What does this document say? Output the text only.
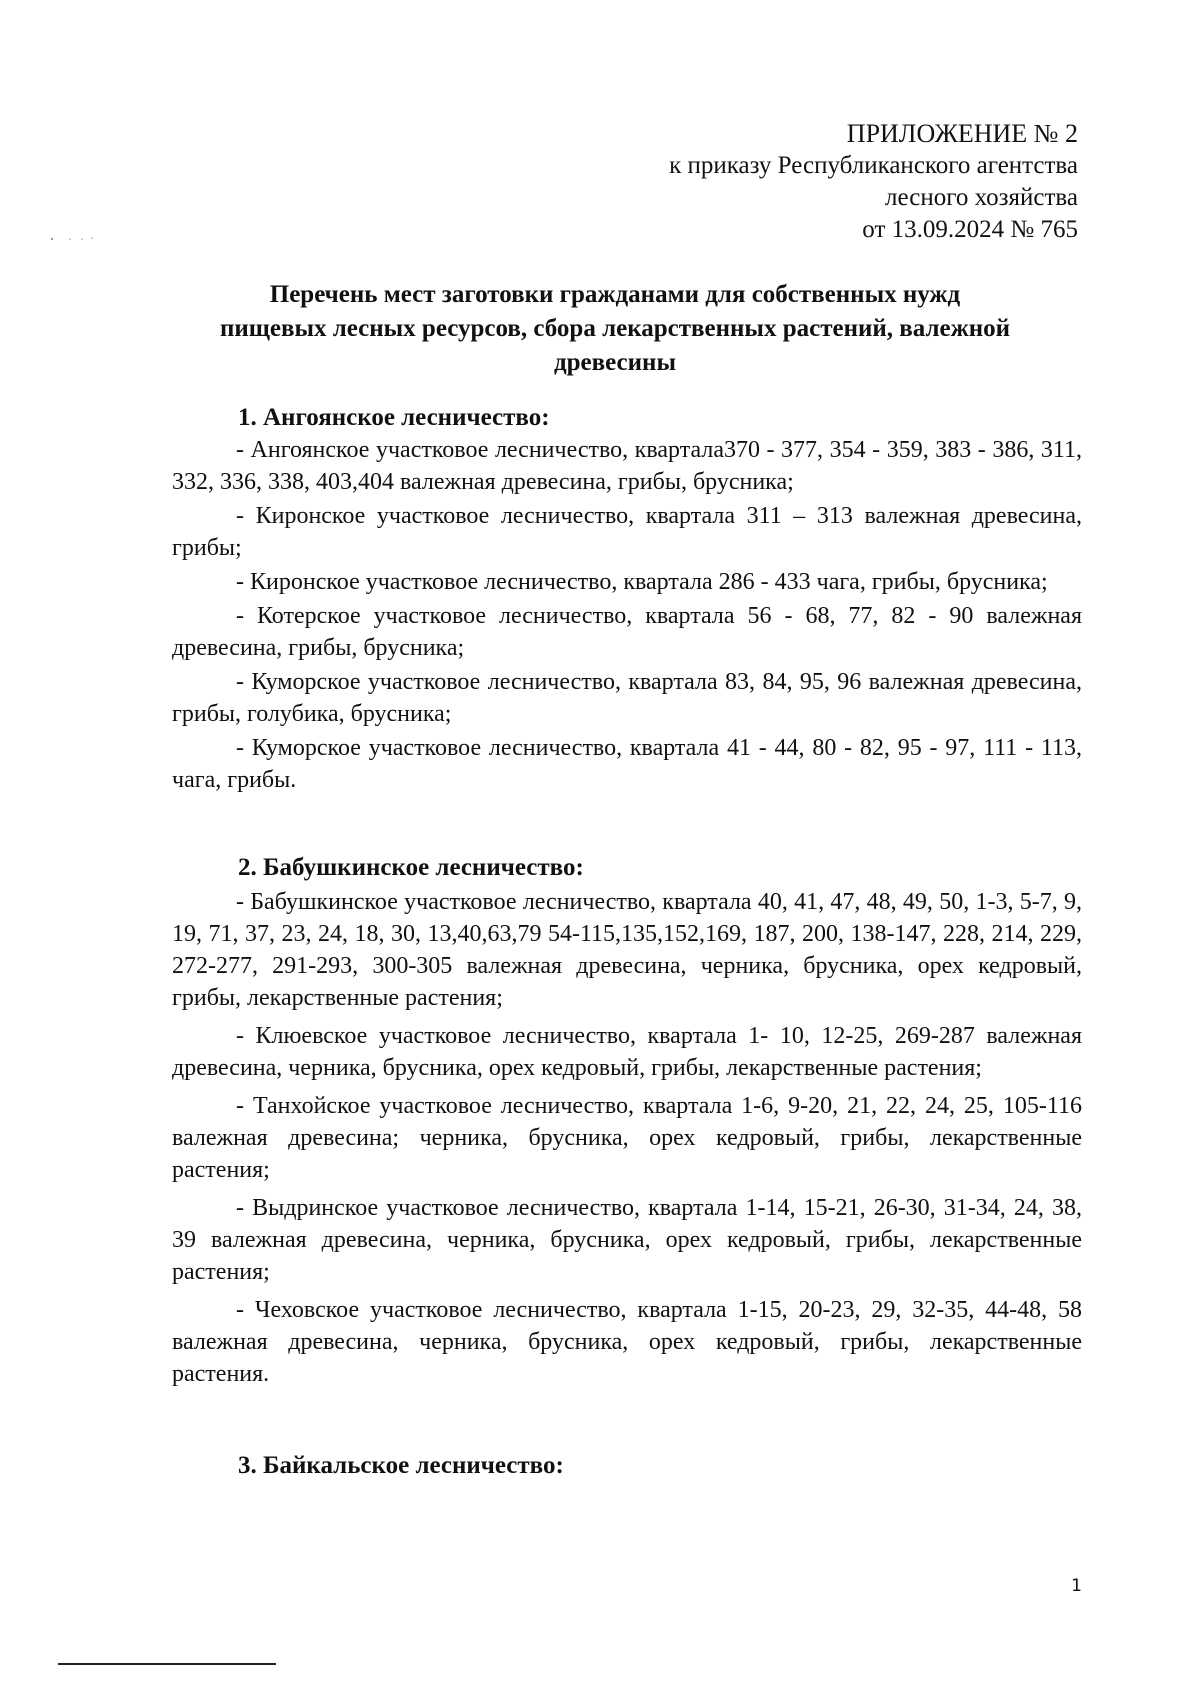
ПРИЛОЖЕНИЕ № 2
к приказу Республиканского агентства
лесного хозяйства
от 13.09.2024 № 765
Перечень мест заготовки гражданами для собственных нужд
пищевых лесных ресурсов, сбора лекарственных растений, валежной
древесины

1. Ангоянское лесничество:

- Ангоянское участковое лесничество, квартала370 - 377, 354 - 359, 383 - 386, 311, 332, 336, 338, 403,404 валежная древесина, грибы, брусника;

- Киронское участковое лесничество, квартала 311 – 313 валежная древесина, грибы;

- Киронское участковое лесничество, квартала 286 - 433 чага, грибы, брусника;

- Котерское участковое лесничество, квартала 56 - 68, 77, 82 - 90 валежная древесина, грибы, брусника;

- Куморское участковое лесничество, квартала 83, 84, 95, 96 валежная древесина, грибы, голубика, брусника;

- Куморское участковое лесничество, квартала 41 - 44, 80 - 82, 95 - 97, 111 - 113, чага, грибы.

2. Бабушкинское лесничество:

- Бабушкинское участковое лесничество, квартала 40, 41, 47, 48, 49, 50, 1-3, 5-7, 9, 19, 71, 37, 23, 24, 18, 30, 13,40,63,79 54-115,135,152,169, 187, 200, 138-147, 228, 214, 229, 272-277, 291-293, 300-305 валежная древесина, черника, брусника, орех кедровый, грибы, лекарственные растения;

- Клюевское участковое лесничество, квартала 1- 10, 12-25, 269-287 валежная древесина, черника, брусника, орех кедровый, грибы, лекарственные растения;

- Танхойское участковое лесничество, квартала 1-6, 9-20, 21, 22, 24, 25, 105-116 валежная древесина; черника, брусника, орех кедровый, грибы, лекарственные растения;

- Выдринское участковое лесничество, квартала 1-14, 15-21, 26-30, 31-34, 24, 38, 39 валежная древесина, черника, брусника, орех кедровый, грибы, лекарственные растения;

- Чеховское участковое лесничество, квартала 1-15, 20-23, 29, 32-35, 44-48, 58 валежная древесина, черника, брусника, орех кедровый, грибы, лекарственные растения.

3. Байкальское лесничество:

1
